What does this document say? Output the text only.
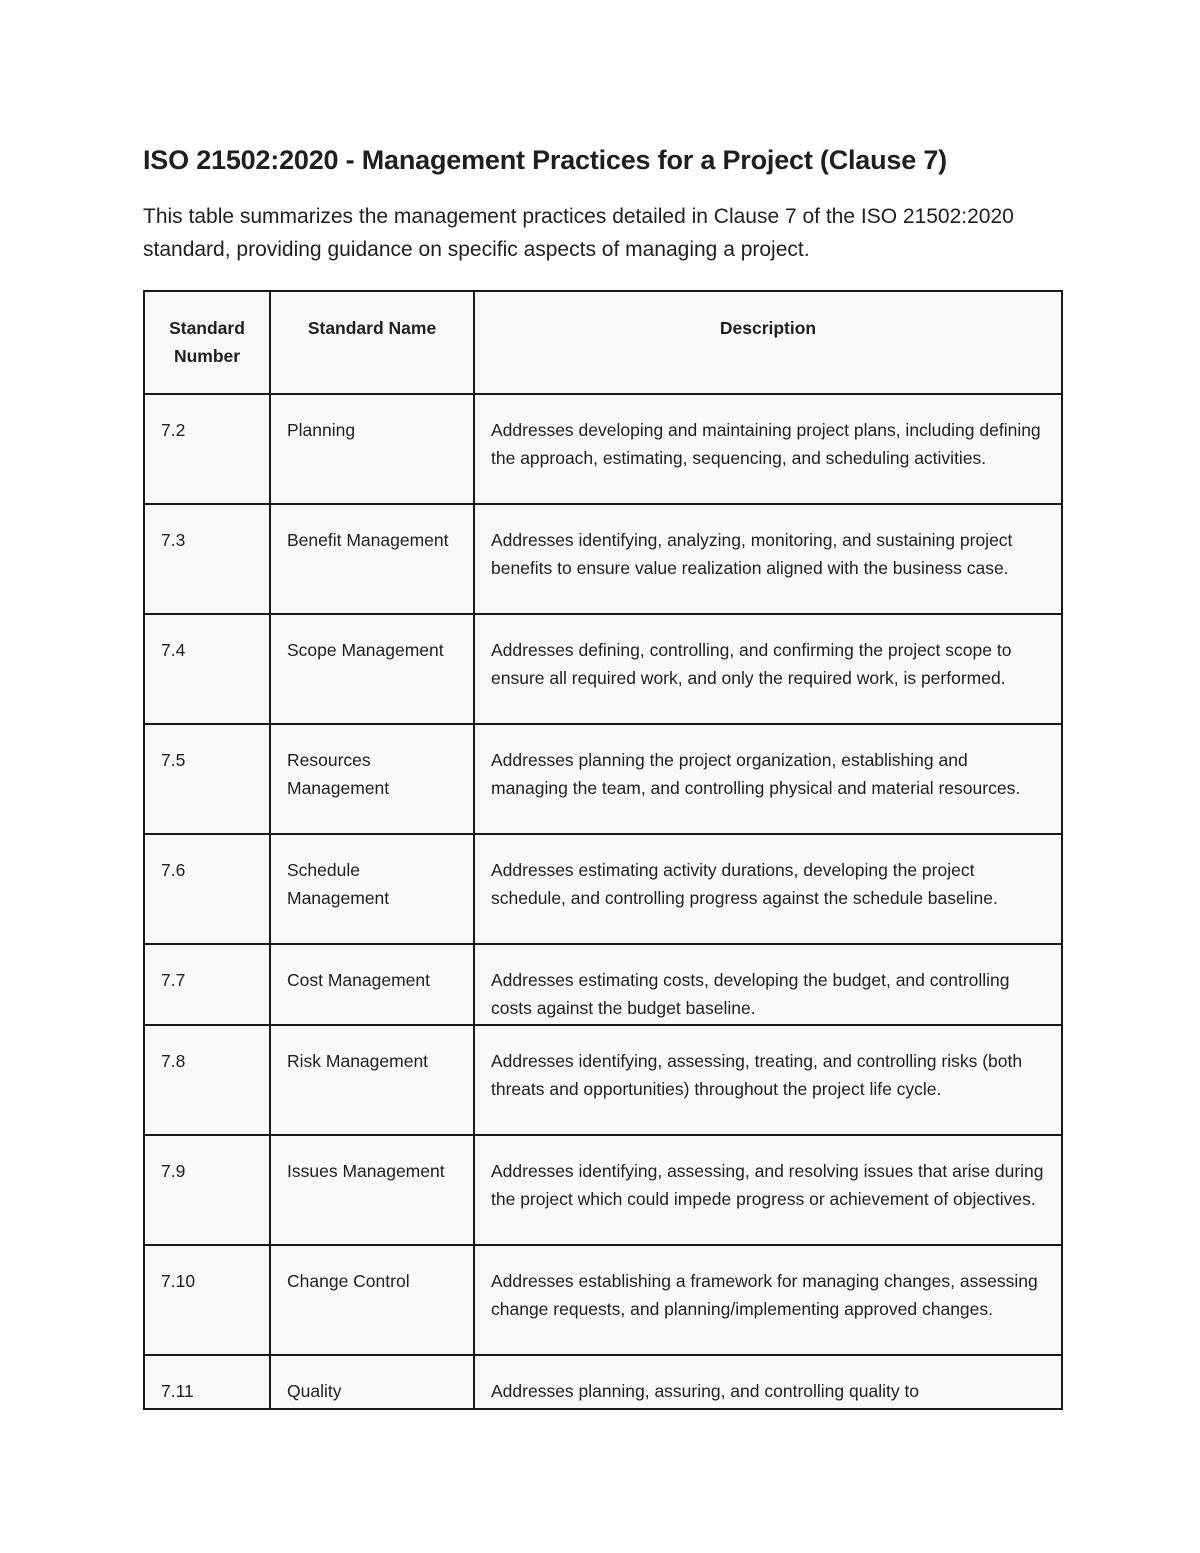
ISO 21502:2020 - Management Practices for a Project (Clause 7)

This table summarizes the management practices detailed in Clause 7 of the ISO 21502:2020 standard, providing guidance on specific aspects of managing a project.

Standard Number	Standard Name	Description
7.2	Planning	Addresses developing and maintaining project plans, including defining the approach, estimating, sequencing, and scheduling activities.
7.3	Benefit Management	Addresses identifying, analyzing, monitoring, and sustaining project benefits to ensure value realization aligned with the business case.
7.4	Scope Management	Addresses defining, controlling, and confirming the project scope to ensure all required work, and only the required work, is performed.
7.5	Resources Management	Addresses planning the project organization, establishing and managing the team, and controlling physical and material resources.
7.6	Schedule Management	Addresses estimating activity durations, developing the project schedule, and controlling progress against the schedule baseline.
7.7	Cost Management	Addresses estimating costs, developing the budget, and controlling costs against the budget baseline.
7.8	Risk Management	Addresses identifying, assessing, treating, and controlling risks (both threats and opportunities) throughout the project life cycle.
7.9	Issues Management	Addresses identifying, assessing, and resolving issues that arise during the project which could impede progress or achievement of objectives.
7.10	Change Control	Addresses establishing a framework for managing changes, assessing change requests, and planning/implementing approved changes.
7.11	Quality	Addresses planning, assuring, and controlling quality to
